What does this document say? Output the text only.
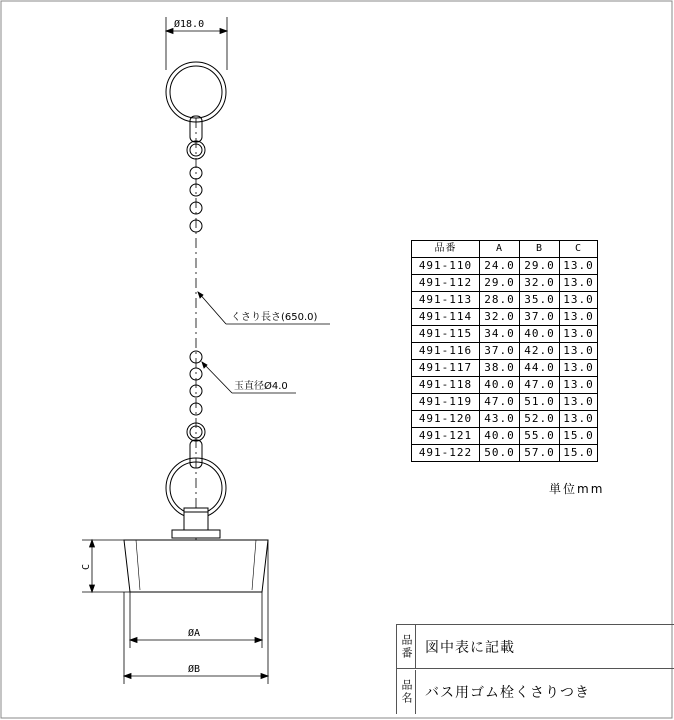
Ø18.0
くさり長さ(650.0)
玉直径Ø4.0
C
ØA
ØB
品番	A	B	C
491-110	24.0	29.0	13.0
491-112	29.0	32.0	13.0
491-113	28.0	35.0	13.0
491-114	32.0	37.0	13.0
491-115	34.0	40.0	13.0
491-116	37.0	42.0	13.0
491-117	38.0	44.0	13.0
491-118	40.0	47.0	13.0
491-119	47.0	51.0	13.0
491-120	43.0	52.0	13.0
491-121	40.0	55.0	15.0
491-122	50.0	57.0	15.0
単位mm
品番 図中表に記載
品名 バス用ゴム栓くさりつき
